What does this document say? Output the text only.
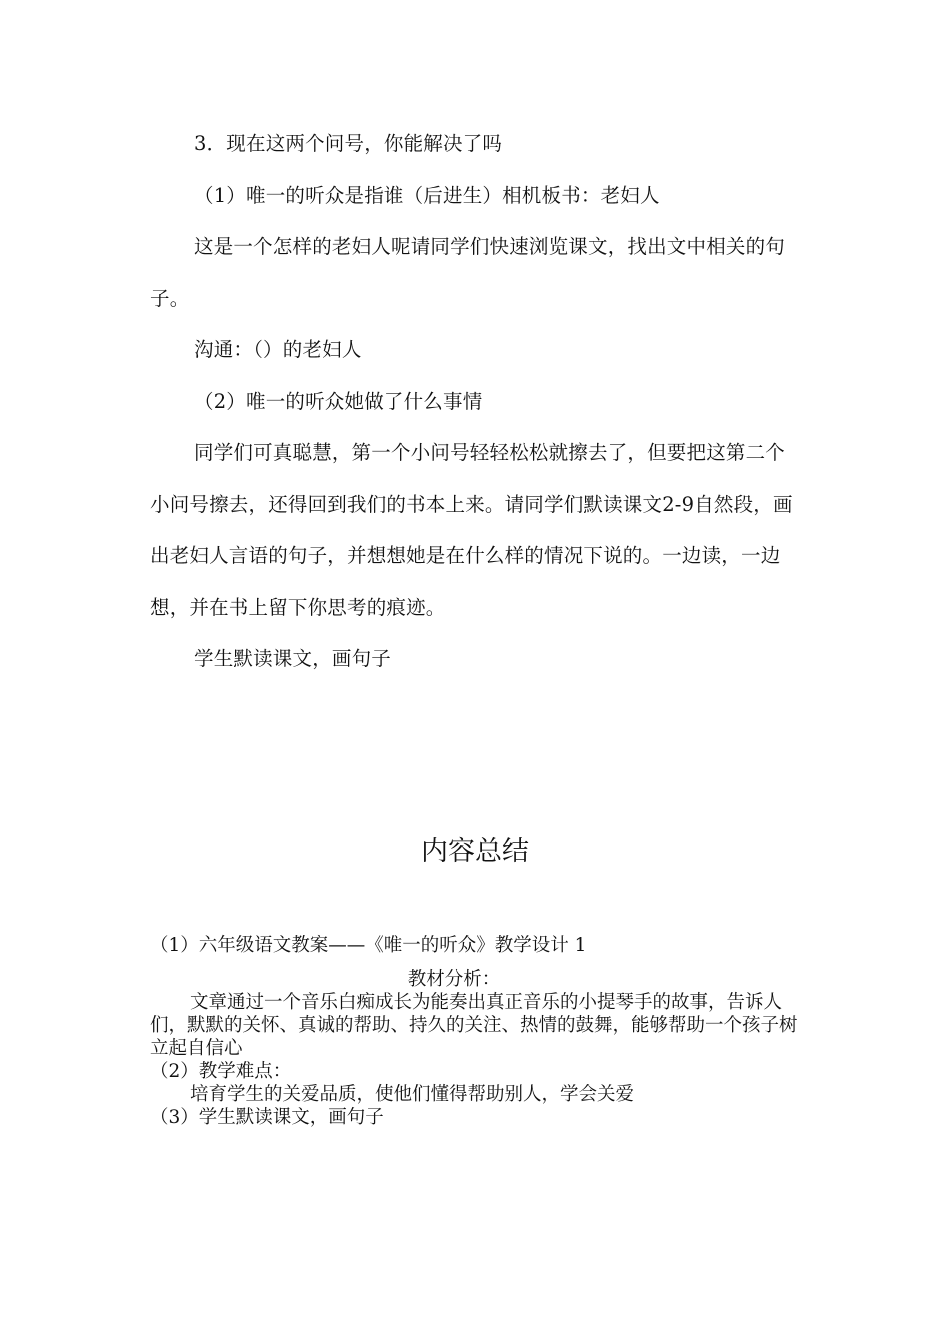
3．现在这两个问号，你能解决了吗

（1）唯一的听众是指谁（后进生）相机板书：老妇人

这是一个怎样的老妇人呢请同学们快速浏览课文，找出文中相关的句子。

沟通：（）的老妇人

（2）唯一的听众她做了什么事情

同学们可真聪慧，第一个小问号轻轻松松就擦去了，但要把这第二个小问号擦去，还得回到我们的书本上来。请同学们默读课文2-9自然段，画出老妇人言语的句子，并想想她是在什么样的情况下说的。一边读，一边想，并在书上留下你思考的痕迹。

学生默读课文，画句子

内容总结

（1）六年级语文教案——《唯一的听众》教学设计 1

教材分析：

文章通过一个音乐白痴成长为能奏出真正音乐的小提琴手的故事，告诉人们，默默的关怀、真诚的帮助、持久的关注、热情的鼓舞，能够帮助一个孩子树立起自信心

（2）教学难点：

培育学生的关爱品质，使他们懂得帮助别人，学会关爱

（3）学生默读课文，画句子
